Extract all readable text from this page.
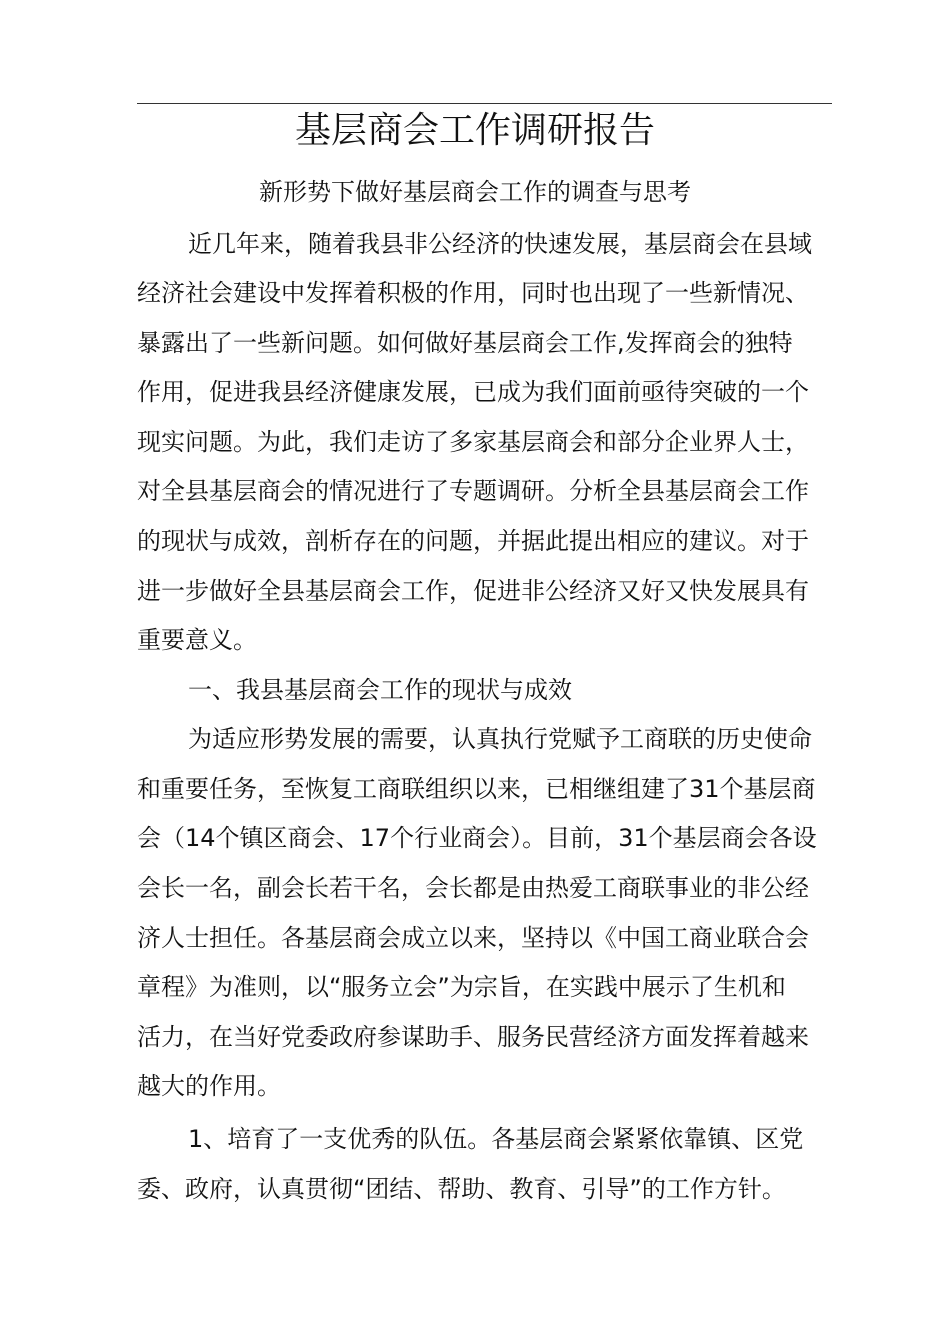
基层商会工作调研报告
新形势下做好基层商会工作的调查与思考
近几年来，随着我县非公经济的快速发展，基层商会在县域
经济社会建设中发挥着积极的作用，同时也出现了一些新情况、
暴露出了一些新问题。如何做好基层商会工作,发挥商会的独特
作用，促进我县经济健康发展，已成为我们面前亟待突破的一个
现实问题。为此，我们走访了多家基层商会和部分企业界人士，
对全县基层商会的情况进行了专题调研。分析全县基层商会工作
的现状与成效，剖析存在的问题，并据此提出相应的建议。对于
进一步做好全县基层商会工作，促进非公经济又好又快发展具有
重要意义。
一、我县基层商会工作的现状与成效
为适应形势发展的需要，认真执行党赋予工商联的历史使命
和重要任务，至恢复工商联组织以来，已相继组建了31个基层商
会（14个镇区商会、17个行业商会）。目前，31个基层商会各设
会长一名，副会长若干名，会长都是由热爱工商联事业的非公经
济人士担任。各基层商会成立以来，坚持以《中国工商业联合会
章程》为准则，以“服务立会”为宗旨，在实践中展示了生机和
活力，在当好党委政府参谋助手、服务民营经济方面发挥着越来
越大的作用。
1、培育了一支优秀的队伍。各基层商会紧紧依靠镇、区党
委、政府，认真贯彻“团结、帮助、教育、引导”的工作方针。
